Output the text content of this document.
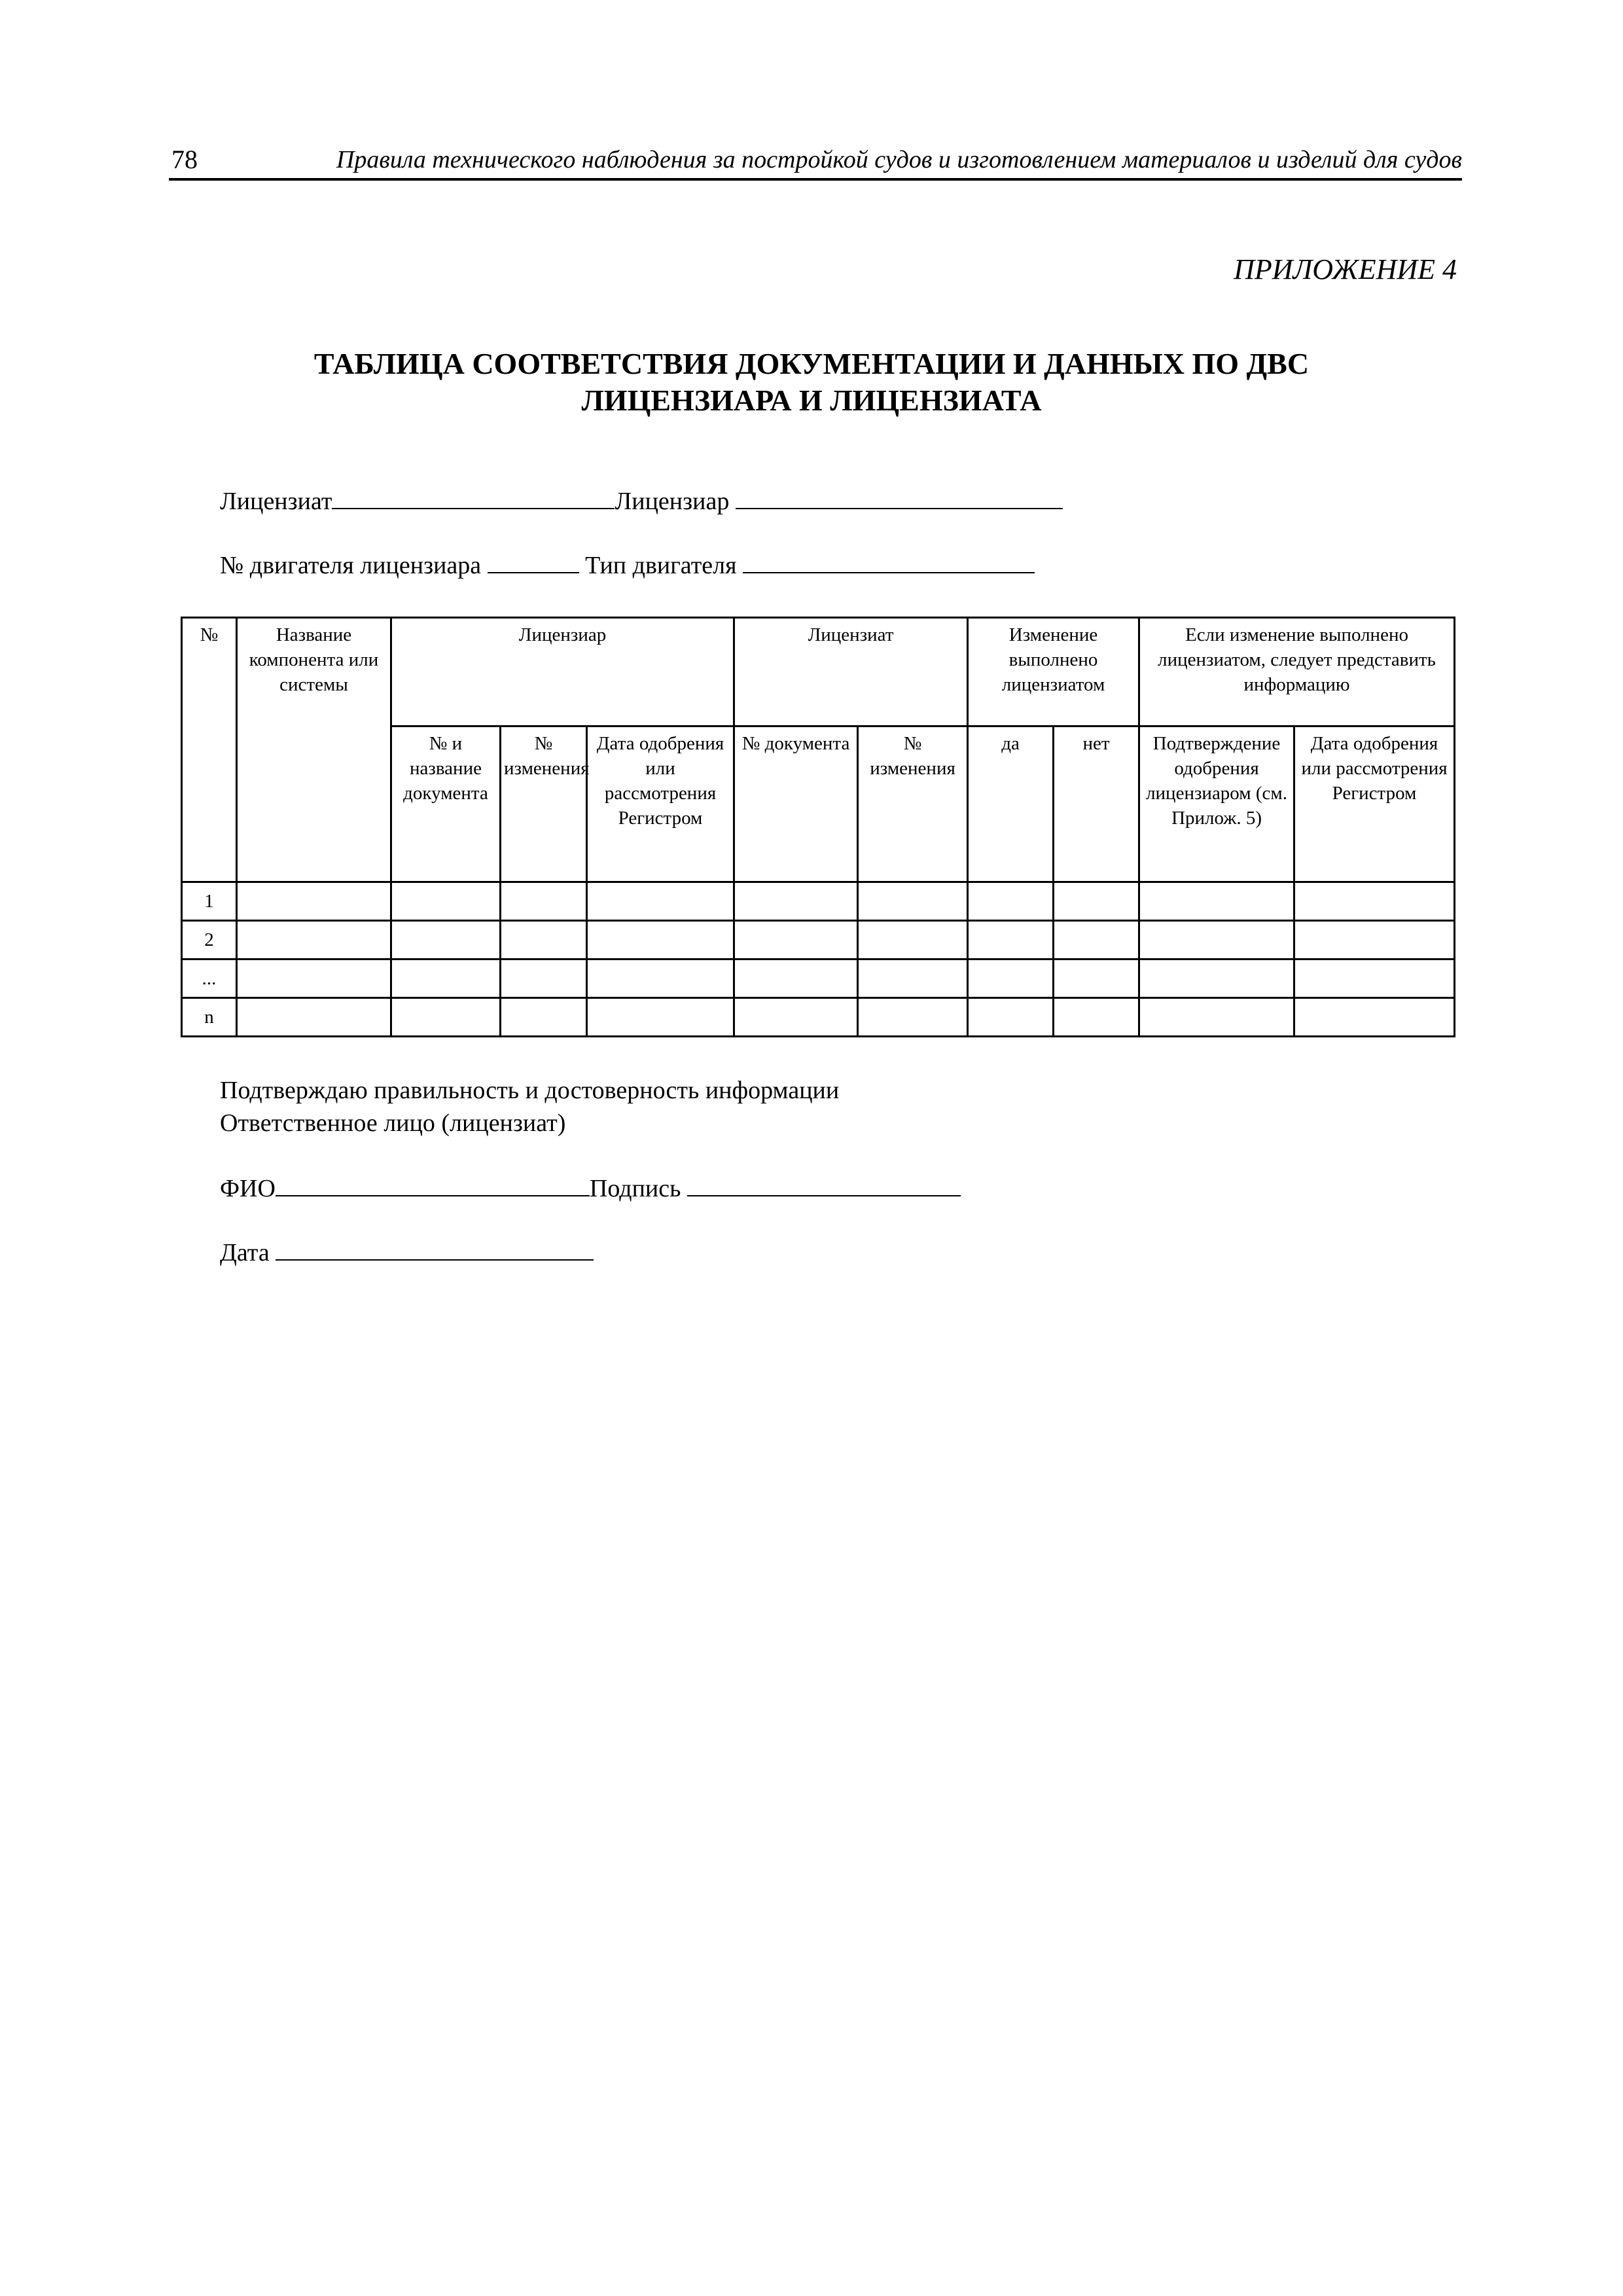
78	Правила технического наблюдения за постройкой судов и изготовлением материалов и изделий для судов
ПРИЛОЖЕНИЕ 4
ТАБЛИЦА СООТВЕТСТВИЯ ДОКУМЕНТАЦИИ И ДАННЫХ ПО ДВС
ЛИЦЕНЗИАРА И ЛИЦЕНЗИАТА
Лицензиат	Лицензиар
№ двигателя лицензиара	Тип двигателя
№	Название компонента или системы	Лицензиар			Лицензиат		Изменение выполнено лицензиатом		Если изменение выполнено лицензиатом, следует представить информацию	
		№ и название документа	№ изменения	Дата одобрения или рассмотрения Регистром	№ документа	№ изменения	да	нет	Подтверждение одобрения лицензиаром (см. Прилож. 5)	Дата одобрения или рассмотрения Регистром
1										
2										
...										
n										
Подтверждаю правильность и достоверность информации
Ответственное лицо (лицензиат)
ФИО	Подпись
Дата
